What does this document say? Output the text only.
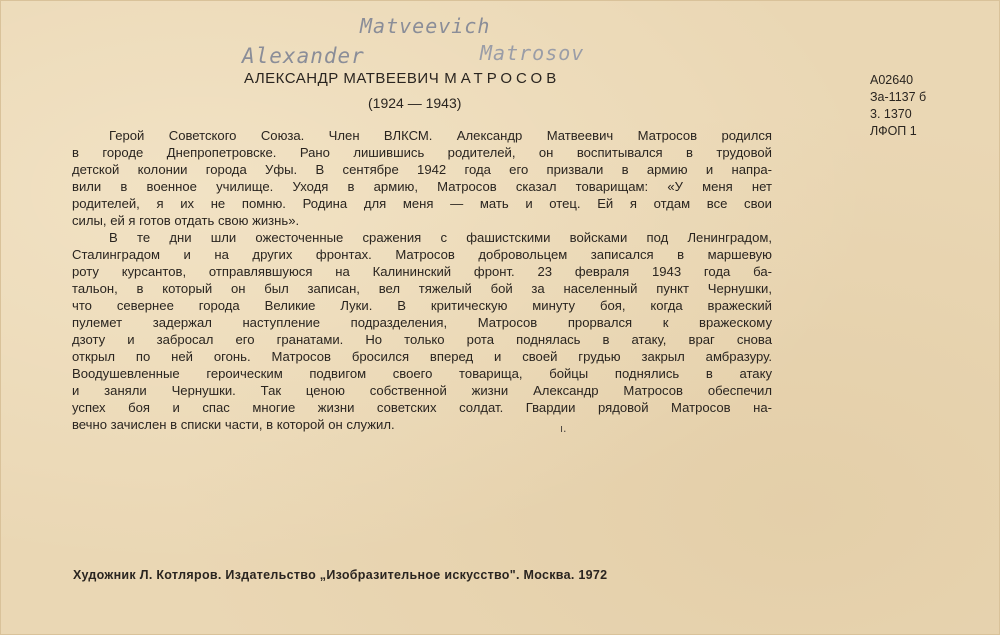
Matveevich
Alexander	Matrosov
АЛЕКСАНДР МАТВЕЕВИЧ МАТРОСОВ
(1924 — 1943)
А02640
За-1137 б
3. 1370
ЛФОП 1
Герой Советского Союза. Член ВЛКСМ. Александр Матвеевич Матросов родился
в городе Днепропетровске. Рано лишившись родителей, он воспитывался в трудовой
детской колонии города Уфы. В сентябре 1942 года его призвали в армию и напра-
вили в военное училище. Уходя в армию, Матросов сказал товарищам: «У меня нет
родителей, я их не помню. Родина для меня — мать и отец. Ей я отдам все свои
силы, ей я готов отдать свою жизнь».
В те дни шли ожесточенные сражения с фашистскими войсками под Ленинградом,
Сталинградом и на других фронтах. Матросов добровольцем записался в маршевую
роту курсантов, отправлявшуюся на Калининский фронт. 23 февраля 1943 года ба-
тальон, в который он был записан, вел тяжелый бой за населенный пункт Чернушки,
что севернее города Великие Луки. В критическую минуту боя, когда вражеский
пулемет задержал наступление подразделения, Матросов прорвался к вражескому
дзоту и забросал его гранатами. Но только рота поднялась в атаку, враг снова
открыл по ней огонь. Матросов бросился вперед и своей грудью закрыл амбразуру.
Воодушевленные героическим подвигом своего товарища, бойцы поднялись в атаку
и заняли Чернушки. Так ценою собственной жизни Александр Матросов обеспечил
успех боя и спас многие жизни советских солдат. Гвардии рядовой Матросов на-
вечно зачислен в списки части, в которой он служил.	ı.
Художник Л. Котляров. Издательство „Изобразительное искусство". Москва. 1972
